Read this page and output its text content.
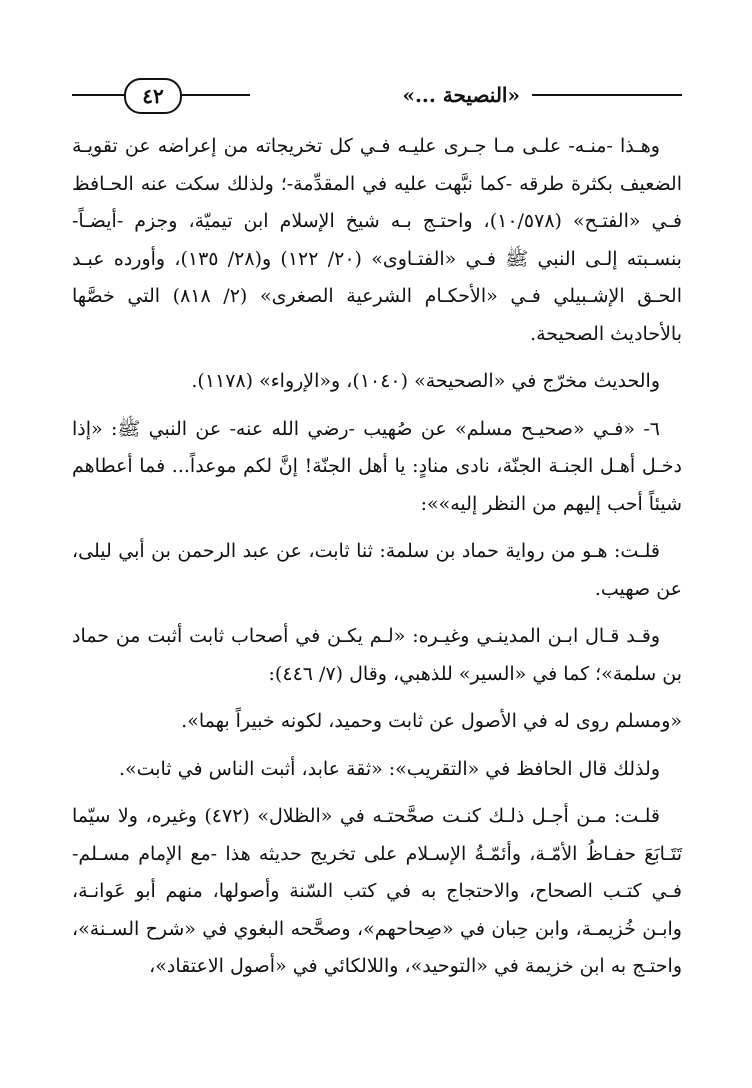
«النصيحة ...»
٤٢

وهـذا -منـه- علـى مـا جـرى عليـه فـي كل تخريجاته من إعراضه عن تقويـة الضعيف بكثرة طرقه -كما نبَّهت عليه في المقدِّمة-؛ ولذلك سكت عنه الحـافظ فـي «الفتـح» (١٠/٥٧٨)، واحتـج بـه شيخ الإسلام ابن تيميّة، وجزم -أيضـاً- بنسـبته إلـى النبي ﷺ فـي «الفتـاوى» (٢٠/ ١٢٢) و(٢٨/ ١٣٥)، وأورده عبـد الحـق الإشـبيلي فـي «الأحكـام الشرعية الصغرى» (٢/ ٨١٨) التي خصَّها بالأحاديث الصحيحة.

والحديث مخرّج في «الصحيحة» (١٠٤٠)، و«الإرواء» (١١٧٨).

٦- «فـي «صحيـح مسلم» عن صُهيب -رضي الله عنه- عن النبي ﷺ: «إذا دخـل أهـل الجنـة الجنّة، نادى منادٍ: يا أهل الجنّة! إنَّ لكم موعداً... فما أعطاهم شيئاً أحب إليهم من النظر إليه»»:

قلـت: هـو من رواية حماد بن سلمة: ثنا ثابت، عن عبد الرحمن بن أبي ليلى، عن صهيب.

وقـد قـال ابـن المدينـي وغيـره: «لـم يكـن في أصحاب ثابت أثبت من حماد بن سلمة»؛ كما في «السير» للذهبي، وقال (٧/ ٤٤٦):

«ومسلم روى له في الأصول عن ثابت وحميد، لكونه خبيراً بهما».

ولذلك قال الحافظ في «التقريب»: «ثقة عابد، أثبت الناس في ثابت».

قلـت: مـن أجـل ذلـك كنـت صحَّحتـه في «الظلال» (٤٧٢) وغيره، ولا سيّما تَتَـابَعَ حفـاظُ الأمّـة، وأئمّـةُ الإسـلام على تخريج حديثه هذا -مع الإمام مسـلم- فـي كتـب الصحاح، والاحتجاج به في كتب السّنة وأصولها، منهم أبو عَوانـة، وابـن خُزيمـة، وابن حِبان في «صِحاحهم»، وصحَّحه البغوي في «شرح السـنة»، واحتـج به ابن خزيمة في «التوحيد»، واللالكائي في «أصول الاعتقاد»،
